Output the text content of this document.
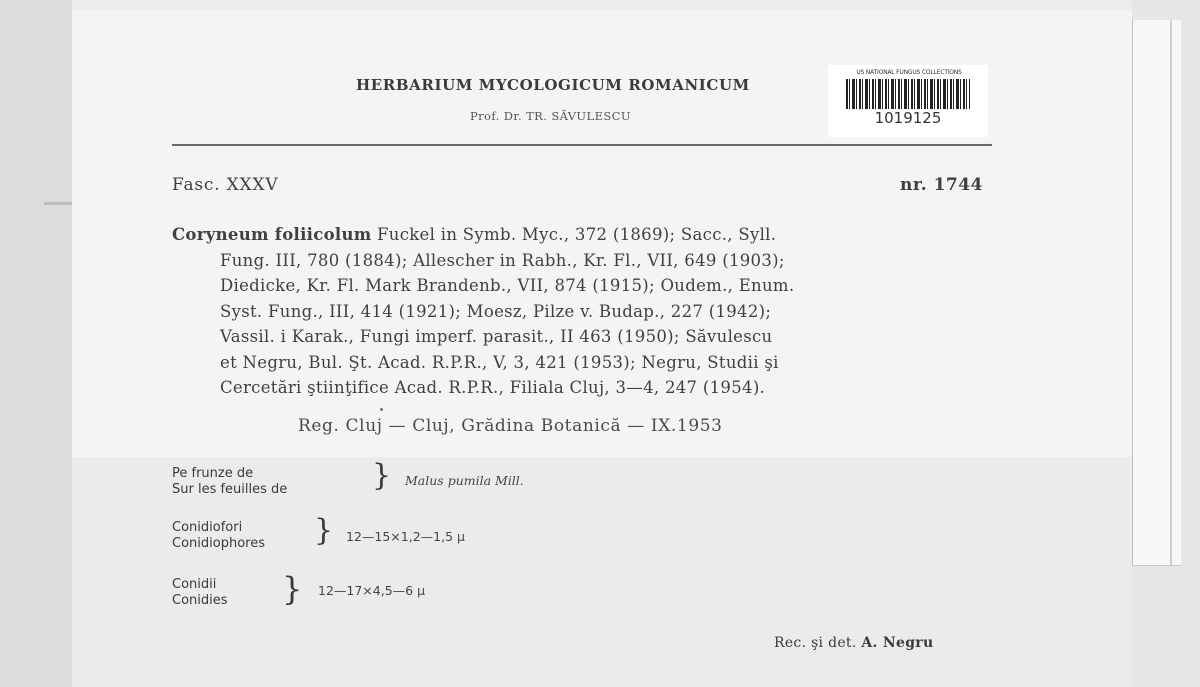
HERBARIUM MYCOLOGICUM ROMANICUM
Prof. Dr. TR. SĂVULESCU
US NATIONAL FUNGUS COLLECTIONS
1019125
Fasc. XXXV	nr. 1744
Coryneum foliicolum Fuckel in Symb. Myc., 372 (1869); Sacc., Syll.
Fung. III, 780 (1884); Allescher in Rabh., Kr. Fl., VII, 649 (1903);
Diedicke, Kr. Fl. Mark Brandenb., VII, 874 (1915); Oudem., Enum.
Syst. Fung., III, 414 (1921); Moesz, Pilze v. Budap., 227 (1942);
Vassil. i Karak., Fungi imperf. parasit., II 463 (1950); Săvulescu
et Negru, Bul. Şt. Acad. R.P.R., V, 3, 421 (1953); Negru, Studii şi
Cercetări ştiinţifice Acad. R.P.R., Filiala Cluj, 3—4, 247 (1954).
Reg. Cluj — Cluj, Grădina Botanică — IX.1953
Pe frunze de
Sur les feuilles de	} Malus pumila Mill.
Conidiofori
Conidiophores } 12—15×1,2—1,5 μ
Conidii
Conidies } 12—17×4,5—6 μ
Rec. şi det. A. Negru
